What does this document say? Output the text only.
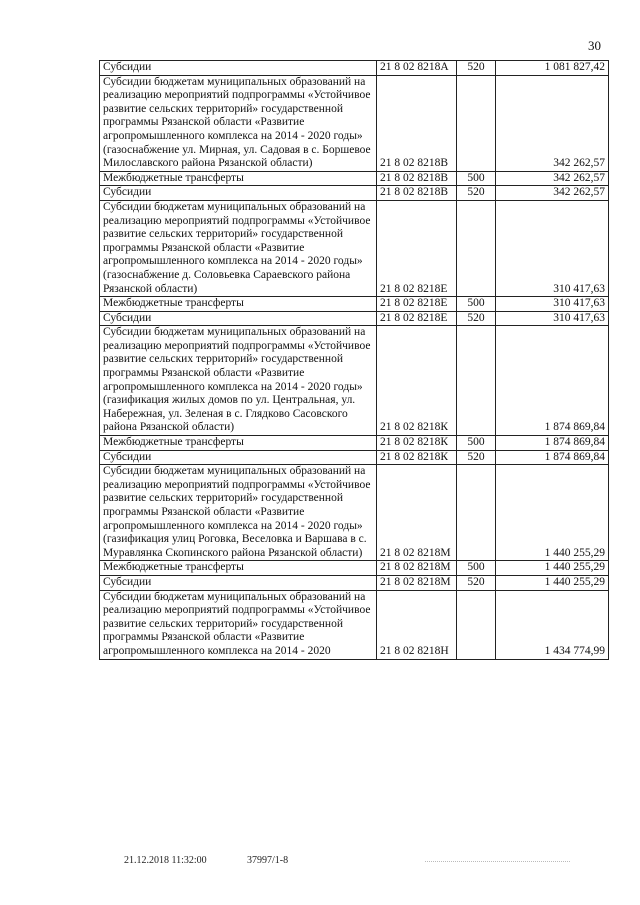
30
Субсидии	21 8 02 8218А	520	1 081 827,42
Субсидии бюджетам муниципальных образований на реализацию мероприятий подпрограммы «Устойчивое развитие сельских территорий» государственной программы Рязанской области «Развитие агропромышленного комплекса на 2014 - 2020 годы» (газоснабжение ул. Мирная, ул. Садовая в с. Боршевое Милославского района Рязанской области)	21 8 02 8218В		342 262,57
Межбюджетные трансферты	21 8 02 8218В	500	342 262,57
Субсидии	21 8 02 8218В	520	342 262,57
Субсидии бюджетам муниципальных образований на реализацию мероприятий подпрограммы «Устойчивое развитие сельских территорий» государственной программы Рязанской области «Развитие агропромышленного комплекса на 2014 - 2020 годы» (газоснабжение д. Соловьевка Сараевского района Рязанской области)	21 8 02 8218Е		310 417,63
Межбюджетные трансферты	21 8 02 8218Е	500	310 417,63
Субсидии	21 8 02 8218Е	520	310 417,63
Субсидии бюджетам муниципальных образований на реализацию мероприятий подпрограммы «Устойчивое развитие сельских территорий» государственной программы Рязанской области «Развитие агропромышленного комплекса на 2014 - 2020 годы» (газификация жилых домов по ул. Центральная, ул. Набережная, ул. Зеленая в с. Глядково Сасовского района Рязанской области)	21 8 02 8218К		1 874 869,84
Межбюджетные трансферты	21 8 02 8218К	500	1 874 869,84
Субсидии	21 8 02 8218К	520	1 874 869,84
Субсидии бюджетам муниципальных образований на реализацию мероприятий подпрограммы «Устойчивое развитие сельских территорий» государственной программы Рязанской области «Развитие агропромышленного комплекса на 2014 - 2020 годы» (газификация улиц Роговка, Веселовка и Варшава в с. Муравлянка Скопинского района Рязанской области)	21 8 02 8218М		1 440 255,29
Межбюджетные трансферты	21 8 02 8218М	500	1 440 255,29
Субсидии	21 8 02 8218М	520	1 440 255,29
Субсидии бюджетам муниципальных образований на реализацию мероприятий подпрограммы «Устойчивое развитие сельских территорий» государственной программы Рязанской области «Развитие агропромышленного комплекса на 2014 - 2020	21 8 02 8218Н		1 434 774,99
21.12.2018 11:32:00	37997/1-8
